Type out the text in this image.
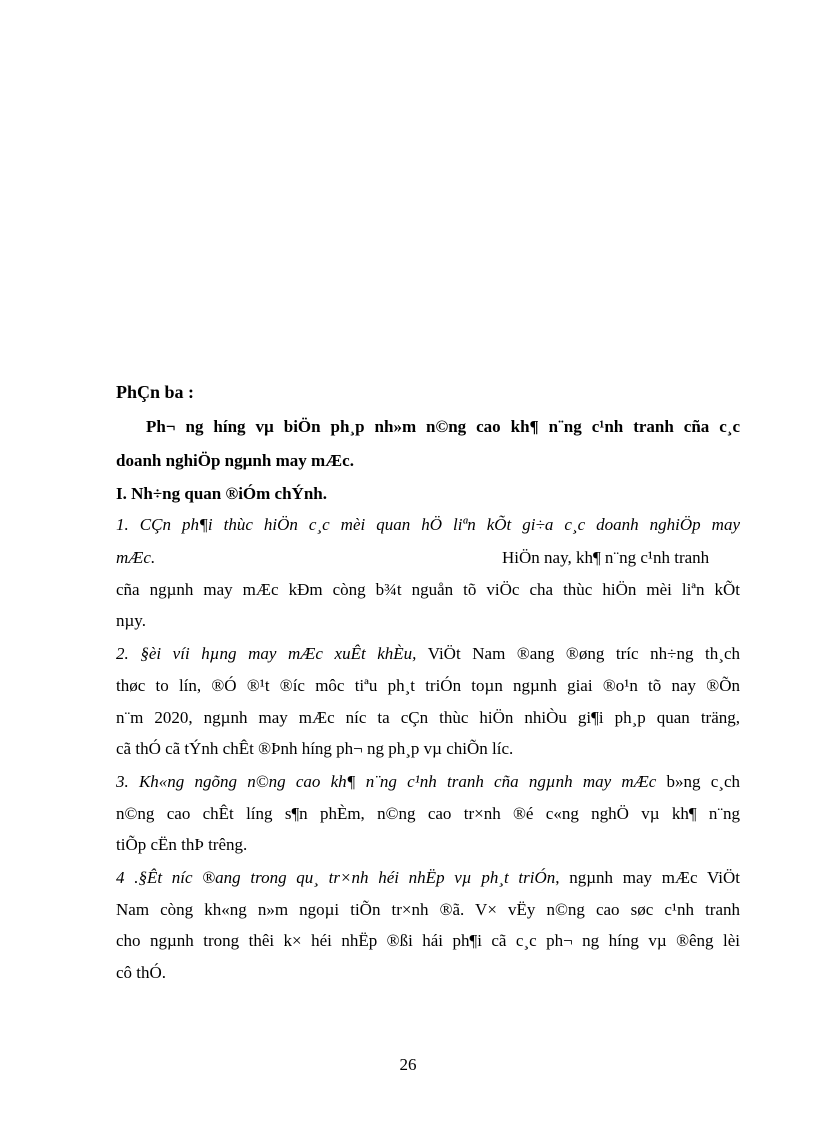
PhÇn ba :
Ph¬ ng híng vµ biÖn ph¸p nh»m n©ng cao kh¶ n¨ng c¹nh tranh cña c¸c
doanh nghiÖp ngµnh may mÆc.
I. Nh÷ng quan ®iÓm chÝnh.
1. CÇn ph¶i thùc hiÖn c¸c mèi quan hÖ liªn kÕt gi÷a c¸c doanh nghiÖp may
mÆc.	HiÖn nay, kh¶ n¨ng c¹nh tranh
cña ngµnh may mÆc kÐm còng b¾t nguån tõ viÖc cha thùc hiÖn mèi liªn kÕt
nµy.
2. §èi víi hµng may mÆc xuÊt khÈu, ViÖt Nam ®ang ®øng tríc nh÷ng th¸ch
thøc to lín, ®Ó ®¹t ®íc môc tiªu ph¸t triÓn toµn ngµnh giai ®o¹n tõ nay ®Õn
n¨m 2020, ngµnh may mÆc níc ta cÇn thùc hiÖn nhiÒu gi¶i ph¸p quan träng,
cã thÓ cã tÝnh chÊt ®Þnh híng ph¬ ng ph¸p vµ chiÕn líc.
3. Kh«ng ngõng n©ng cao kh¶ n¨ng c¹nh tranh cña ngµnh may mÆc b»ng c¸ch
n©ng cao chÊt líng s¶n phÈm, n©ng cao tr×nh ®é c«ng nghÖ vµ kh¶ n¨ng
tiÕp cËn thÞ trêng.
4 .§Êt níc ®ang trong qu¸ tr×nh héi nhËp vµ ph¸t triÓn, ngµnh may mÆc ViÖt
Nam còng kh«ng n»m ngoµi tiÕn tr×nh ®ã. V× vËy n©ng cao søc c¹nh tranh
cho ngµnh trong thêi k× héi nhËp ®ßi hái ph¶i cã c¸c ph¬ ng híng vµ ®êng lèi
cô thÓ.
26
